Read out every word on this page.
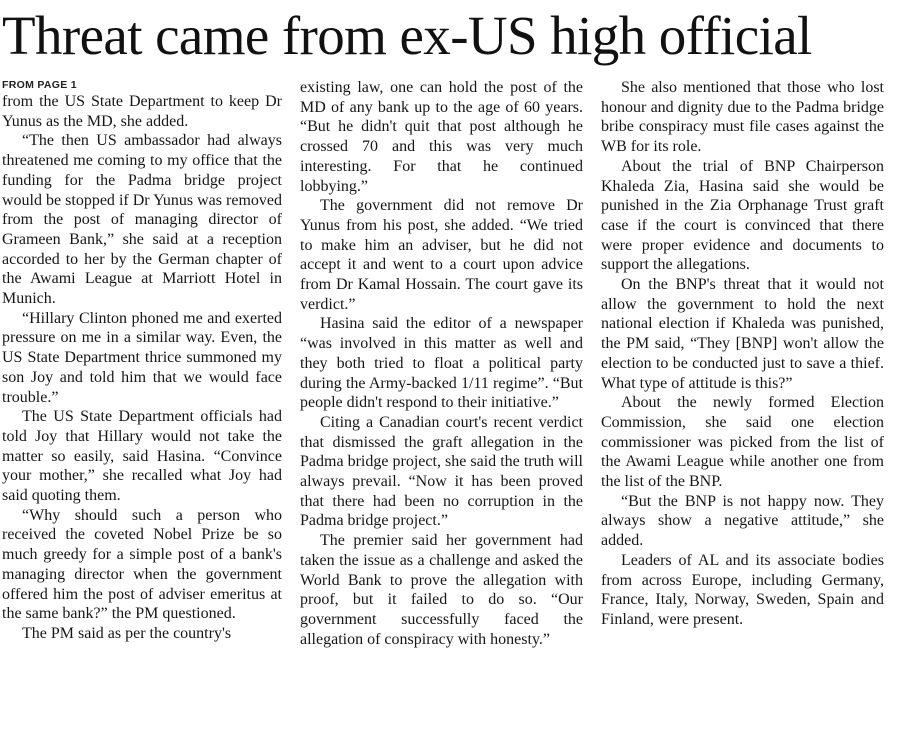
Threat came from ex-US high official
FROM PAGE 1

from the US State Department to keep Dr Yunus as the MD, she added.

“The then US ambassador had always threatened me coming to my office that the funding for the Padma bridge project would be stopped if Dr Yunus was removed from the post of managing director of Grameen Bank,” she said at a reception accorded to her by the German chapter of the Awami League at Marriott Hotel in Munich.

“Hillary Clinton phoned me and exerted pressure on me in a similar way. Even, the US State Department thrice summoned my son Joy and told him that we would face trouble.”

The US State Department officials had told Joy that Hillary would not take the matter so easily, said Hasina. “Convince your mother,” she recalled what Joy had said quoting them.

“Why should such a person who received the coveted Nobel Prize be so much greedy for a simple post of a bank's managing director when the government offered him the post of adviser emeritus at the same bank?” the PM questioned.

The PM said as per the country's

existing law, one can hold the post of the MD of any bank up to the age of 60 years. “But he didn't quit that post although he crossed 70 and this was very much interesting. For that he continued lobbying.”

The government did not remove Dr Yunus from his post, she added. “We tried to make him an adviser, but he did not accept it and went to a court upon advice from Dr Kamal Hossain. The court gave its verdict.”

Hasina said the editor of a newspaper “was involved in this matter as well and they both tried to float a political party during the Army-backed 1/11 regime”. “But people didn't respond to their initiative.”

Citing a Canadian court's recent verdict that dismissed the graft allegation in the Padma bridge project, she said the truth will always prevail. “Now it has been proved that there had been no corruption in the Padma bridge project.”

The premier said her government had taken the issue as a challenge and asked the World Bank to prove the allegation with proof, but it failed to do so. “Our government successfully faced the allegation of conspiracy with honesty.”

She also mentioned that those who lost honour and dignity due to the Padma bridge bribe conspiracy must file cases against the WB for its role.

About the trial of BNP Chairperson Khaleda Zia, Hasina said she would be punished in the Zia Orphanage Trust graft case if the court is convinced that there were proper evidence and documents to support the allegations.

On the BNP's threat that it would not allow the government to hold the next national election if Khaleda was punished, the PM said, “They [BNP] won't allow the election to be conducted just to save a thief. What type of attitude is this?”

About the newly formed Election Commission, she said one election commissioner was picked from the list of the Awami League while another one from the list of the BNP.

“But the BNP is not happy now. They always show a negative attitude,” she added.

Leaders of AL and its associate bodies from across Europe, including Germany, France, Italy, Norway, Sweden, Spain and Finland, were present.
